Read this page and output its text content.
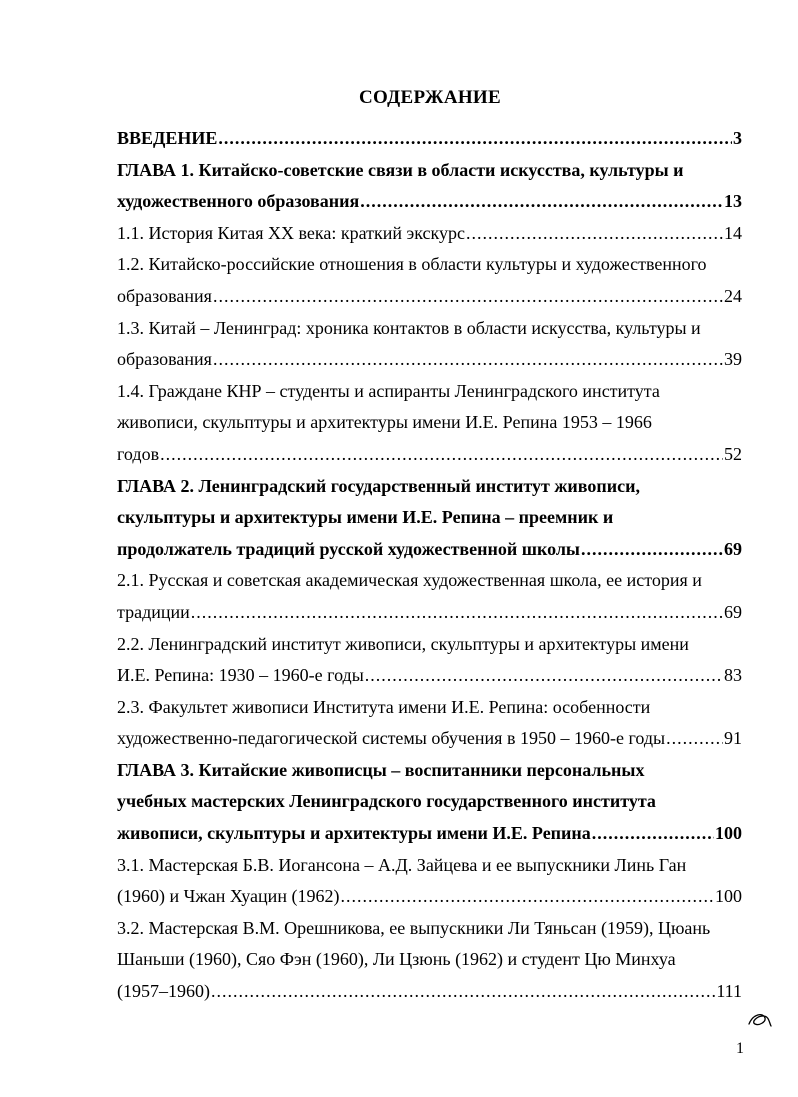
СОДЕРЖАНИЕ
ВВЕДЕНИЕ .....	3
ГЛАВА 1. Китайско-советские связи в области искусства, культуры и
художественного образования .....	13
1.1. История Китая ХХ века: краткий экскурс .....	14
1.2. Китайско-российские отношения в области культуры и художественного
образования .....	24
1.3. Китай – Ленинград: хроника контактов в области искусства, культуры и
образования .....	39
1.4. Граждане КНР – студенты и аспиранты Ленинградского института
живописи, скульптуры и архитектуры имени И.Е. Репина 1953 – 1966
годов .....	52
ГЛАВА 2. Ленинградский государственный институт живописи,
скульптуры и архитектуры имени И.Е. Репина – преемник и
продолжатель традиций русской художественной школы .....	69
2.1. Русская и советская академическая художественная школа, ее история и
традиции .....	69
2.2. Ленинградский институт живописи, скульптуры и архитектуры имени
И.Е. Репина: 1930 – 1960-е годы .....	83
2.3. Факультет живописи Института имени И.Е. Репина: особенности
художественно-педагогической системы обучения в 1950 – 1960-е годы .....	91
ГЛАВА 3. Китайские живописцы – воспитанники персональных
учебных мастерских Ленинградского государственного института
живописи, скульптуры и архитектуры имени И.Е. Репина .....	100
3.1. Мастерская Б.В. Иогансона – А.Д. Зайцева и ее выпускники Линь Ган
(1960) и Чжан Хуацин (1962) .....	100
3.2. Мастерская В.М. Орешникова, ее выпускники Ли Тяньсан (1959), Цюань
Шаньши (1960), Сяо Фэн (1960), Ли Цзюнь (1962) и студент Цю Минхуа
(1957–1960) .....	111
1
